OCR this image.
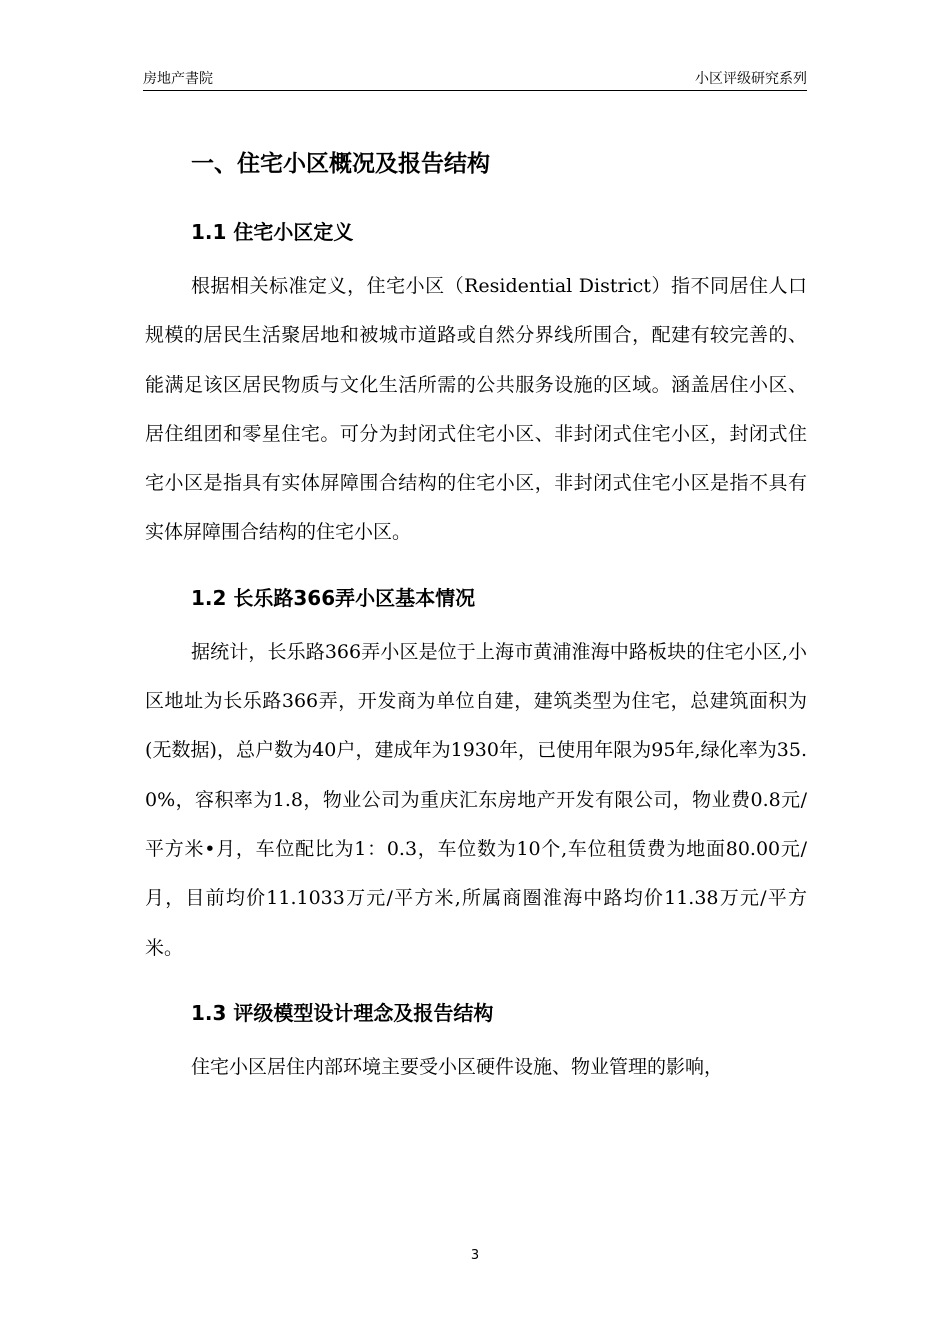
房地产書院	小区评级研究系列
一、住宅小区概况及报告结构
1.1 住宅小区定义

根据相关标准定义，住宅小区（Residential District）指不同居住人口规模的居民生活聚居地和被城市道路或自然分界线所围合，配建有较完善的、能满足该区居民物质与文化生活所需的公共服务设施的区域。涵盖居住小区、居住组团和零星住宅。可分为封闭式住宅小区、非封闭式住宅小区，封闭式住宅小区是指具有实体屏障围合结构的住宅小区，非封闭式住宅小区是指不具有实体屏障围合结构的住宅小区。

1.2 长乐路366弄小区基本情况

据统计，长乐路366弄小区是位于上海市黄浦淮海中路板块的住宅小区,小区地址为长乐路366弄，开发商为单位自建，建筑类型为住宅，总建筑面积为(无数据)，总户数为40户，建成年为1930年，已使用年限为95年,绿化率为35.0%，容积率为1.8，物业公司为重庆汇东房地产开发有限公司，物业费0.8元/平方米•月，车位配比为1：0.3，车位数为10个,车位租赁费为地面80.00元/月，目前均价11.1033万元/平方米,所属商圈淮海中路均价11.38万元/平方米。

1.3 评级模型设计理念及报告结构

住宅小区居住内部环境主要受小区硬件设施、物业管理的影响，

3
